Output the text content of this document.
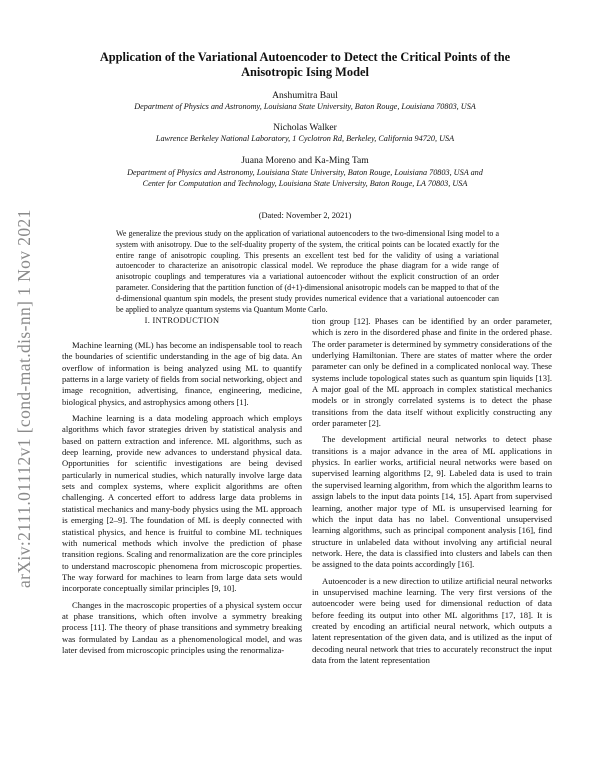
arXiv:2111.01112v1 [cond-mat.dis-nn] 1 Nov 2021
Application of the Variational Autoencoder to Detect the Critical Points of the Anisotropic Ising Model
Anshumitra Baul
Department of Physics and Astronomy, Louisiana State University, Baton Rouge, Louisiana 70803, USA
Nicholas Walker
Lawrence Berkeley National Laboratory, 1 Cyclotron Rd, Berkeley, California 94720, USA
Juana Moreno and Ka-Ming Tam
Department of Physics and Astronomy, Louisiana State University, Baton Rouge, Louisiana 70803, USA and
Center for Computation and Technology, Louisiana State University, Baton Rouge, LA 70803, USA
(Dated: November 2, 2021)
We generalize the previous study on the application of variational autoencoders to the two-dimensional Ising model to a system with anisotropy. Due to the self-duality property of the system, the critical points can be located exactly for the entire range of anisotropic coupling. This presents an excellent test bed for the validity of using a variational autoencoder to characterize an anisotropic classical model. We reproduce the phase diagram for a wide range of anisotropic couplings and temperatures via a variational autoencoder without the explicit construction of an order parameter. Considering that the partition function of (d+1)-dimensional anisotropic models can be mapped to that of the d-dimensional quantum spin models, the present study provides numerical evidence that a variational autoencoder can be applied to analyze quantum systems via Quantum Monte Carlo.
I. INTRODUCTION

Machine learning (ML) has become an indispensable tool to reach the boundaries of scientific understanding in the age of big data. An overflow of information is being analyzed using ML to quantify patterns in a large variety of fields from social networking, object and image recognition, advertising, finance, engineering, medicine, biological physics, and astrophysics among others [1].

Machine learning is a data modeling approach which employs algorithms which favor strategies driven by statistical analysis and based on pattern extraction and inference. ML algorithms, such as deep learning, provide new advances to understand physical data. Opportunities for scientific investigations are being devised particularly in numerical studies, which naturally involve large data sets and complex systems, where explicit algorithms are often challenging. A concerted effort to address large data problems in statistical mechanics and many-body physics using the ML approach is emerging [2–9]. The foundation of ML is deeply connected with statistical physics, and hence is fruitful to combine ML techniques with numerical methods which involve the prediction of phase transition regions. Scaling and renormalization are the core principles to understand macroscopic phenomena from microscopic properties. The way forward for machines to learn from large data sets would incorporate conceptually similar principles [9, 10].

Changes in the macroscopic properties of a physical system occur at phase transitions, which often involve a symmetry breaking process [11]. The theory of phase transitions and symmetry breaking was formulated by Landau as a phenomenological model, and was later devised from microscopic principles using the renormaliza-

tion group [12]. Phases can be identified by an order parameter, which is zero in the disordered phase and finite in the ordered phase. The order parameter is determined by symmetry considerations of the underlying Hamiltonian. There are states of matter where the order parameter can only be defined in a complicated nonlocal way. These systems include topological states such as quantum spin liquids [13]. A major goal of the ML approach in complex statistical mechanics models or in strongly correlated systems is to detect the phase transitions from the data itself without explicitly constructing any order parameter [2].

The development artificial neural networks to detect phase transitions is a major advance in the area of ML applications in physics. In earlier works, artificial neural networks were based on supervised learning algorithms [2, 9]. Labeled data is used to train the supervised learning algorithm, from which the algorithm learns to assign labels to the input data points [14, 15]. Apart from supervised learning, another major type of ML is unsupervised learning for which the input data has no label. Conventional unsupervised learning algorithms, such as principal component analysis [16], find structure in unlabeled data without involving any artificial neural network. Here, the data is classified into clusters and labels can then be assigned to the data points accordingly [16].

Autoencoder is a new direction to utilize artificial neural networks in unsupervised machine learning. The very first versions of the autoencoder were being used for dimensional reduction of data before feeding its output into other ML algorithms [17, 18]. It is created by encoding an artificial neural network, which outputs a latent representation of the given data, and is utilized as the input of decoding neural network that tries to accurately reconstruct the input data from the latent representation
